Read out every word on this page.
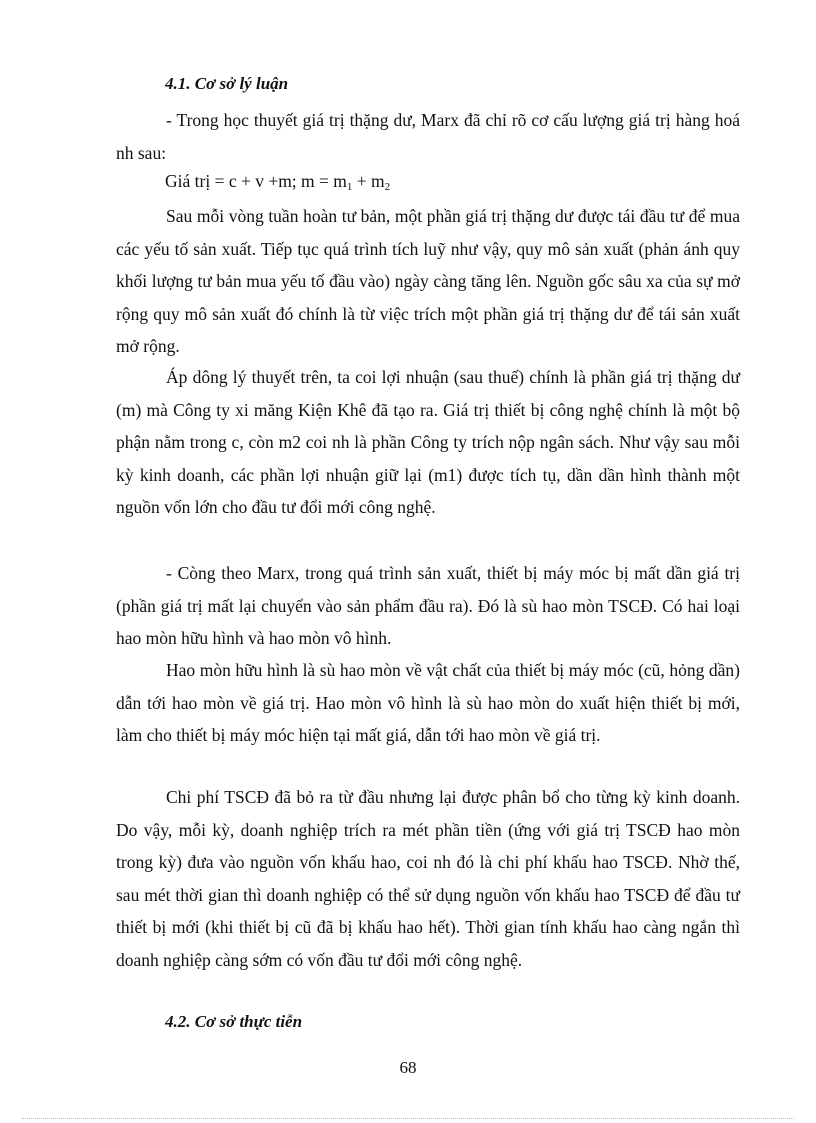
4.1. Cơ sở lý luận

- Trong học thuyết giá trị thặng dư, Marx đã chỉ rõ cơ cấu lượng giá trị hàng hoá nh sau:

Giá trị = c + v +m; $m = m_1 + m_2$

Sau mỗi vòng tuần hoàn tư bản, một phần giá trị thặng dư được tái đầu tư để mua các yếu tố sản xuất. Tiếp tục quá trình tích luỹ như vậy, quy mô sản xuất (phản ánh quy khối lượng tư bản mua yếu tố đầu vào) ngày càng tăng lên. Nguồn gốc sâu xa của sự mở rộng quy mô sản xuất đó chính là từ việc trích một phần giá trị thặng dư để tái sản xuất mở rộng.

Áp dông lý thuyết trên, ta coi lợi nhuận (sau thuế) chính là phần giá trị thặng dư (m) mà Công ty xi măng Kiện Khê đã tạo ra. Giá trị thiết bị công nghệ chính là một bộ phận nằm trong c, còn m2 coi nh là phần Công ty trích nộp ngân sách. Như vậy sau mỗi kỳ kinh doanh, các phần lợi nhuận giữ lại (m1) được tích tụ, dần dần hình thành một nguồn vốn lớn cho đầu tư đổi mới công nghệ.

- Còng theo Marx, trong quá trình sản xuất, thiết bị máy móc bị mất dần giá trị (phần giá trị mất lại chuyển vào sản phẩm đầu ra). Đó là sù hao mòn TSCĐ. Có hai loại hao mòn hữu hình và hao mòn vô hình.

Hao mòn hữu hình là sù hao mòn về vật chất của thiết bị máy móc (cũ, hỏng dần) dẫn tới hao mòn về giá trị. Hao mòn vô hình là sù hao mòn do xuất hiện thiết bị mới, làm cho thiết bị máy móc hiện tại mất giá, dẫn tới hao mòn về giá trị.

Chi phí TSCĐ đã bỏ ra từ đầu nhưng lại được phân bổ cho từng kỳ kinh doanh. Do vậy, mỗi kỳ, doanh nghiệp trích ra mét phần tiền (ứng với giá trị TSCĐ hao mòn trong kỳ) đưa vào nguồn vốn khấu hao, coi nh đó là chi phí khấu hao TSCĐ. Nhờ thế, sau mét thời gian thì doanh nghiệp có thể sử dụng nguồn vốn khấu hao TSCĐ để đầu tư thiết bị mới (khi thiết bị cũ đã bị khấu hao hết). Thời gian tính khấu hao càng ngắn thì doanh nghiệp càng sớm có vốn đầu tư đổi mới công nghệ.

4.2. Cơ sở thực tiễn
68
